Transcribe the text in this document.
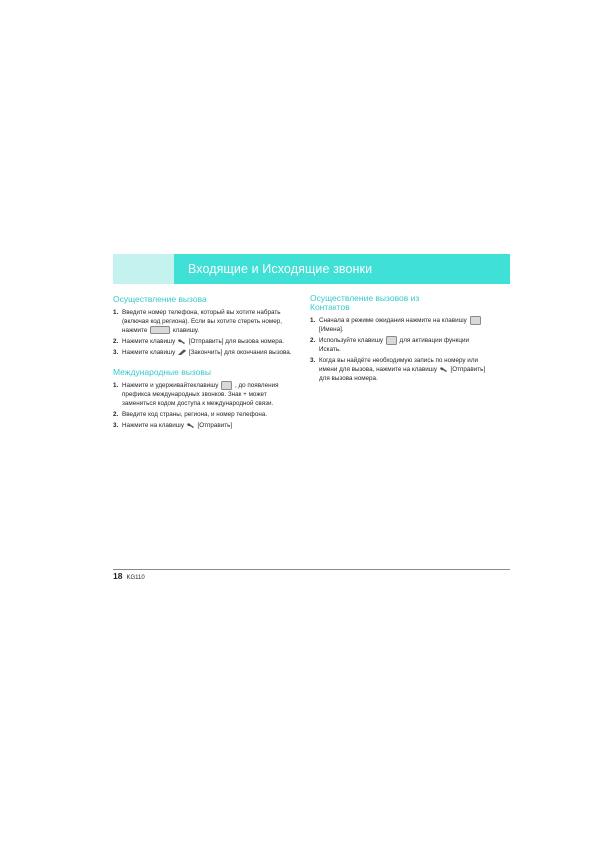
Входящие и Исходящие звонки
Осуществление вызова
1. Введите номер телефона, который вы хотите набрать (включая код региона). Если вы хотите стереть номер, нажмите	клавишу.
2. Нажмите клавишу [Отправить] для вызова номера.
3. Нажмите клавишу [Закончить] для окончания вызова.
Международные вызовы
1. Нажмите и удерживайтеклавишу	, до появления префикса международных звонков. Знак + может замениться кодом доступа к международной связи.
2. Введите код страны, региона, и номер телефона.
3. Нажмите на клавишу [Отправить]
Осуществление вызовов из
Контактов
1. Сначала в режиме ожидания нажмите на клавишу  [Имена].
2. Используйте клавишу	для активации функции Искать.
3. Когда вы найдёте необходимую запись по номеру или имени для вызова, нажмите на клавишу [Отправить] для вызова номера.
18 KG110
